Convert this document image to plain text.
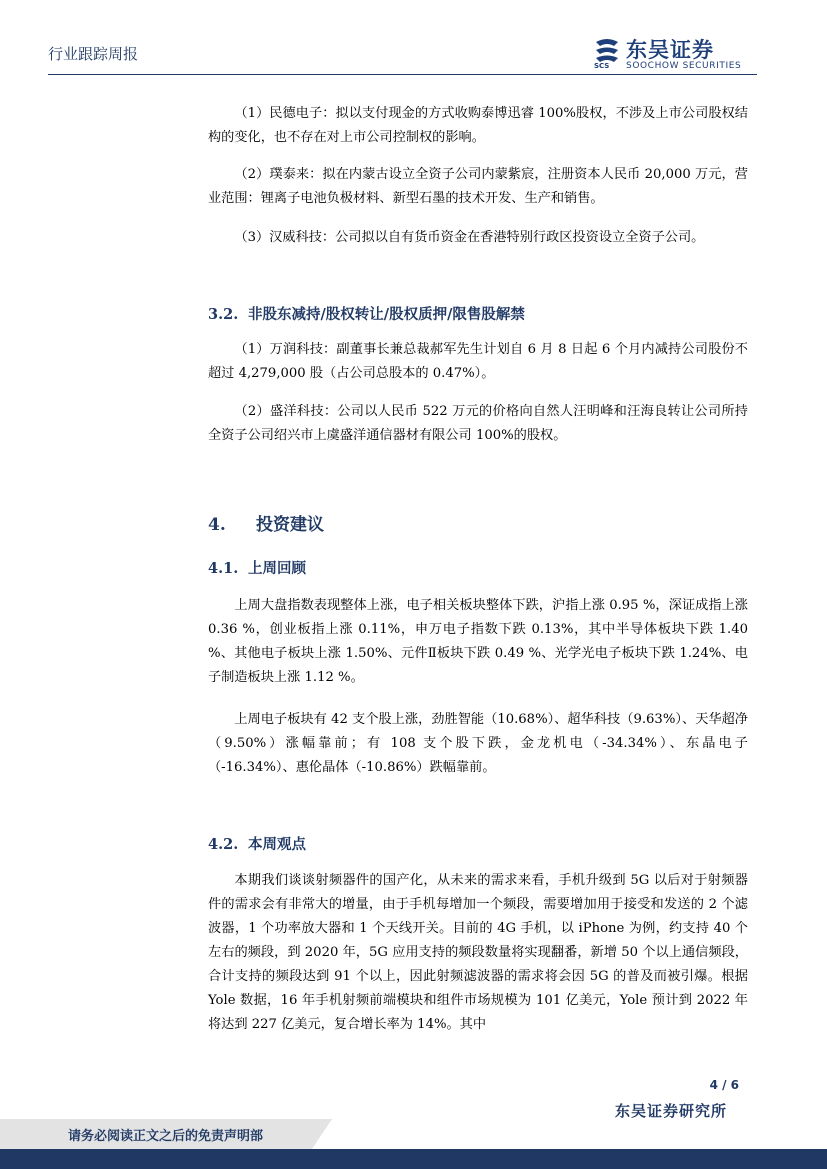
行业跟踪周报
SCS
东吴证券
SOOCHOW SECURITIES

（1）民德电子：拟以支付现金的方式收购泰博迅睿 100%股权，不涉及上市公司股权结构的变化，也不存在对上市公司控制权的影响。

（2）璞泰来：拟在内蒙古设立全资子公司内蒙紫宸，注册资本人民币 20,000 万元，营业范围：锂离子电池负极材料、新型石墨的技术开发、生产和销售。

（3）汉威科技：公司拟以自有货币资金在香港特别行政区投资设立全资子公司。

3.2. 非股东减持/股权转让/股权质押/限售股解禁

（1）万润科技：副董事长兼总裁郝军先生计划自 6 月 8 日起 6 个月内减持公司股份不超过 4,279,000 股（占公司总股本的 0.47%）。

（2）盛洋科技：公司以人民币 522 万元的价格向自然人汪明峰和汪海良转让公司所持全资子公司绍兴市上虞盛洋通信器材有限公司 100%的股权。

4. 投资建议
4.1. 上周回顾

上周大盘指数表现整体上涨，电子相关板块整体下跌，沪指上涨 0.95 %，深证成指上涨 0.36 %，创业板指上涨 0.11%，申万电子指数下跌 0.13%，其中半导体板块下跌 1.40 %、其他电子板块上涨 1.50%、元件Ⅱ板块下跌 0.49 %、光学光电子板块下跌 1.24%、电子制造板块上涨 1.12 %。

上周电子板块有 42 支个股上涨，劲胜智能（10.68%）、超华科技（9.63%）、天华超净（9.50%）涨幅靠前；有 108 支个股下跌，金龙机电（-34.34%）、东晶电子（-16.34%）、惠伦晶体（-10.86%）跌幅靠前。

4.2. 本周观点

本期我们谈谈射频器件的国产化，从未来的需求来看，手机升级到 5G 以后对于射频器件的需求会有非常大的增量，由于手机每增加一个频段，需要增加用于接受和发送的 2 个滤波器，1 个功率放大器和 1 个天线开关。目前的 4G 手机，以 iPhone 为例，约支持 40 个左右的频段，到 2020 年，5G 应用支持的频段数量将实现翻番，新增 50 个以上通信频段，合计支持的频段达到 91 个以上，因此射频滤波器的需求将会因 5G 的普及而被引爆。根据 Yole 数据，16 年手机射频前端模块和组件市场规模为 101 亿美元，Yole 预计到 2022 年将达到 227 亿美元，复合增长率为 14%。其中

4 / 6
东吴证券研究所
请务必阅读正文之后的免责声明部
